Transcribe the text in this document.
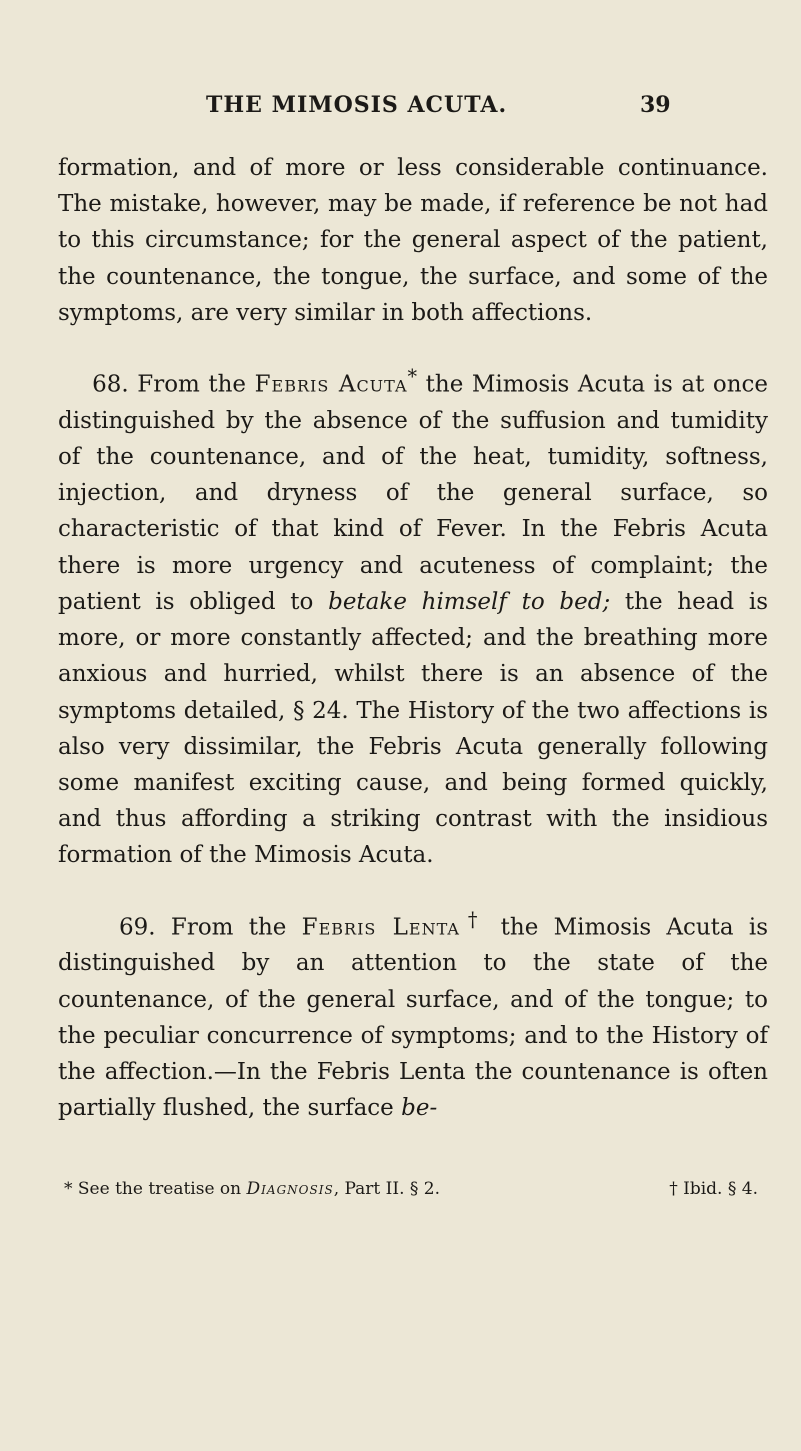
THE MIMOSIS ACUTA.	39

formation, and of more or less considerable continuance. The mistake, however, may be made, if reference be not had to this circumstance; for the general aspect of the patient, the countenance, the tongue, the surface, and some of the symptoms, are very similar in both affections.

68. From the Febris Acuta* the Mimosis Acuta is at once distinguished by the absence of the suffusion and tumidity of the countenance, and of the heat, tumidity, softness, injection, and dryness of the general surface, so characteristic of that kind of Fever. In the Febris Acuta there is more urgency and acuteness of complaint; the patient is obliged to betake himself to bed; the head is more, or more constantly affected; and the breathing more anxious and hurried, whilst there is an absence of the symptoms detailed, § 24. The History of the two affections is also very dissimilar, the Febris Acuta generally following some manifest exciting cause, and being formed quickly, and thus affording a striking contrast with the insidious formation of the Mimosis Acuta.

69. From the Febris Lenta† the Mimosis Acuta is distinguished by an attention to the state of the countenance, of the general surface, and of the tongue; to the peculiar concurrence of symptoms; and to the History of the affection.—In the Febris Lenta the countenance is often partially flushed, the surface be-

* See the treatise on Diagnosis, Part II. § 2.	† Ibid. § 4.
